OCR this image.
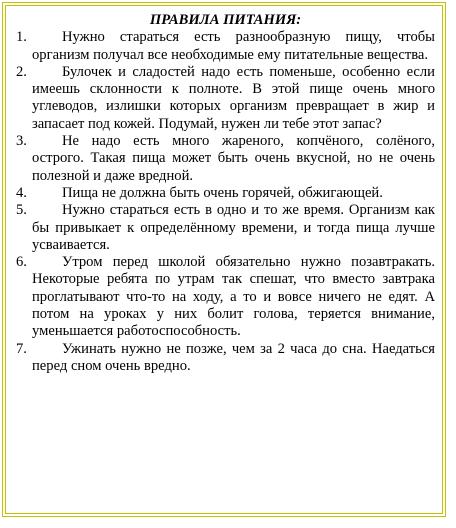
ПРАВИЛА ПИТАНИЯ:
1.	Нужно стараться есть разнообразную пищу, чтобы организм получал все необходимые ему питательные вещества.
2.	Булочек и сладостей надо есть поменьше, особенно если имеешь склонности к полноте. В этой пище очень много углеводов, излишки которых организм превращает в жир и запасает под кожей. Подумай, нужен ли тебе этот запас?
3.	Не надо есть много жареного, копчёного, солёного, острого. Такая пища может быть очень вкусной, но не очень полезной и даже вредной.
4.	Пища не должна быть очень горячей, обжигающей.
5.	Нужно стараться есть в одно и то же время. Организм как бы привыкает к определённому времени, и тогда пища лучше усваивается.
6.	Утром перед школой обязательно нужно позавтракать. Некоторые ребята по утрам так спешат, что вместо завтрака проглатывают что-то на ходу, а то и вовсе ничего не едят. А потом на уроках у них болит голова, теряется внимание, уменьшается работоспособность.
7.	Ужинать нужно не позже, чем за 2 часа до сна. Наедаться перед сном очень вредно.
